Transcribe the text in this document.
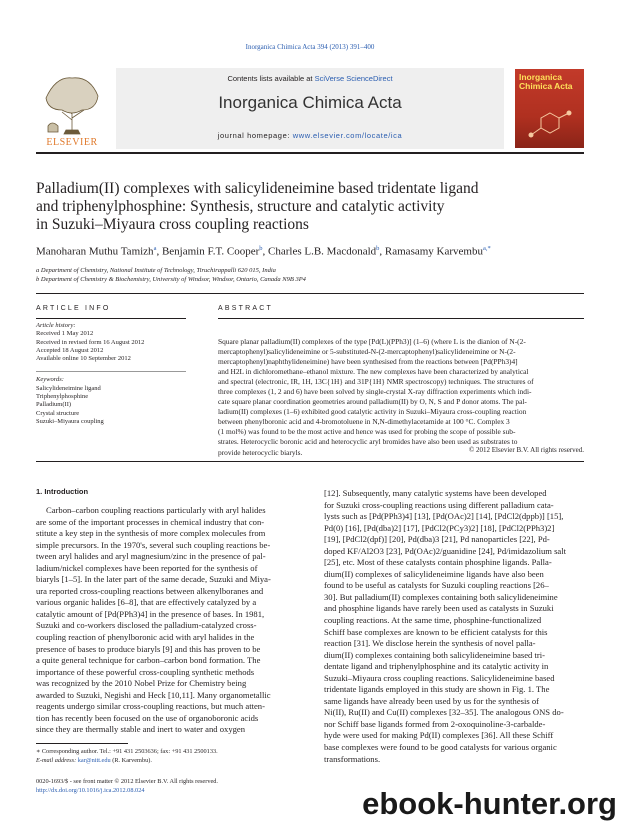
Inorganica Chimica Acta 394 (2013) 391–400
ELSEVIER
Contents lists available at SciVerse ScienceDirect
Inorganica Chimica Acta
journal homepage: www.elsevier.com/locate/ica
Inorganica Chimica Acta
Palladium(II) complexes with salicylideneimine based tridentate ligand
and triphenylphosphine: Synthesis, structure and catalytic activity
in Suzuki–Miyaura cross coupling reactions
Manoharan Muthu Tamizh$^a$, Benjamin F.T. Cooper$^b$, Charles L.B. Macdonald$^b$, Ramasamy Karvembu$^{a,*}$
a Department of Chemistry, National Institute of Technology, Tiruchirappalli 620 015, India
b Department of Chemistry & Biochemistry, University of Windsor, Windsor, Ontario, Canada N9B 3P4
ARTICLE INFO
Article history:
Received 1 May 2012
Received in revised form 16 August 2012
Accepted 18 August 2012
Available online 10 September 2012
Keywords:
Salicylideneimine ligand
Triphenylphosphine
Palladium(II)
Crystal structure
Suzuki–Miyaura coupling
ABSTRACT
Square planar palladium(II) complexes of the type [Pd(L)(PPh3)] (1–6) (where L is the dianion of N-(2-
mercaptophenyl)salicylideneimine or 5-substituted-N-(2-mercaptophenyl)salicylideneimine or N-(2-
mercaptophenyl)naphthylideneimine) have been synthesised from the reactions between [Pd(PPh3)4]
and H2L in dichloromethane–ethanol mixture. The new complexes have been characterized by analytical
and spectral (electronic, IR, 1H, 13C{1H} and 31P{1H} NMR spectroscopy) techniques. The structures of
three complexes (1, 2 and 6) have been solved by single-crystal X-ray diffraction experiments which indi-
cate square planar coordination geometries around palladium(II) by O, N, S and P donor atoms. The pal-
ladium(II) complexes (1–6) exhibited good catalytic activity in Suzuki–Miyaura cross-coupling reaction
between phenylboronic acid and 4-bromotoluene in N,N-dimethylacetamide at 100 °C. Complex 3
(1 mol%) was found to be the most active and hence was used for probing the scope of possible sub-
strates. Heterocyclic boronic acid and heterocyclic aryl bromides have also been used as substrates to
provide heterocyclic biaryls.	© 2012 Elsevier B.V. All rights reserved.
1. Introduction
Carbon–carbon coupling reactions particularly with aryl halides
are some of the important processes in chemical industry that con-
stitute a key step in the synthesis of more complex molecules from
simple precursors. In the 1970's, several such coupling reactions be-
tween aryl halides and aryl magnesium/zinc in the presence of pal-
ladium/nickel complexes have been reported for the synthesis of
biaryls [1–5]. In the later part of the same decade, Suzuki and Miya-
ura reported cross-coupling reactions between alkenylboranes and
various organic halides [6–8], that are effectively catalyzed by a
catalytic amount of [Pd(PPh3)4] in the presence of bases. In 1981,
Suzuki and co-workers disclosed the palladium-catalyzed cross-
coupling reaction of phenylboronic acid with aryl halides in the
presence of bases to produce biaryls [9] and this has proven to be
a quite general technique for carbon–carbon bond formation. The
importance of these powerful cross-coupling synthetic methods
was recognized by the 2010 Nobel Prize for Chemistry being
awarded to Suzuki, Negishi and Heck [10,11]. Many organometallic
reagents undergo similar cross-coupling reactions, but much atten-
tion has recently been focused on the use of organoboronic acids
since they are thermally stable and inert to water and oxygen
[12]. Subsequently, many catalytic systems have been developed
for Suzuki cross-coupling reactions using different palladium cata-
lysts such as [Pd(PPh3)4] [13], [Pd(OAc)2] [14], [PdCl2(dppb)] [15],
Pd(0) [16], [Pd(dba)2] [17], [PdCl2(PCy3)2] [18], [PdCl2(PPh3)2]
[19], [PdCl2(dpf)] [20], Pd(dba)3 [21], Pd nanoparticles [22], Pd-
doped KF/Al2O3 [23], Pd(OAc)2/guanidine [24], Pd/imidazolium salt
[25], etc. Most of these catalysts contain phosphine ligands. Palla-
dium(II) complexes of salicylideneimine ligands have also been
found to be useful as catalysts for Suzuki coupling reactions [26–
30]. But palladium(II) complexes containing both salicylideneimine
and phosphine ligands have rarely been used as catalysts in Suzuki
coupling reactions. At the same time, phosphine-functionalized
Schiff base complexes are known to be efficient catalysts for this
reaction [31]. We disclose herein the synthesis of novel palla-
dium(II) complexes containing both salicylideneimine based tri-
dentate ligand and triphenylphosphine and its catalytic activity in
Suzuki–Miyaura cross coupling reactions. Salicylideneimine based
tridentate ligands employed in this study are shown in Fig. 1. The
same ligands have already been used by us for the synthesis of
Ni(II), Ru(II) and Cu(II) complexes [32–35]. The analogous ONS do-
nor Schiff base ligands formed from 2-oxoquinoline-3-carbalde-
hyde were used for making Pd(II) complexes [36]. All these Schiff
base complexes were found to be good catalysts for various organic
transformations.
∗ Corresponding author. Tel.: +91 431 2503636; fax: +91 431 2500133.
E-mail address: kar@nitt.edu (R. Karvembu).
0020-1693/$ - see front matter © 2012 Elsevier B.V. All rights reserved.
http://dx.doi.org/10.1016/j.ica.2012.08.024	ebook-hunter.org
